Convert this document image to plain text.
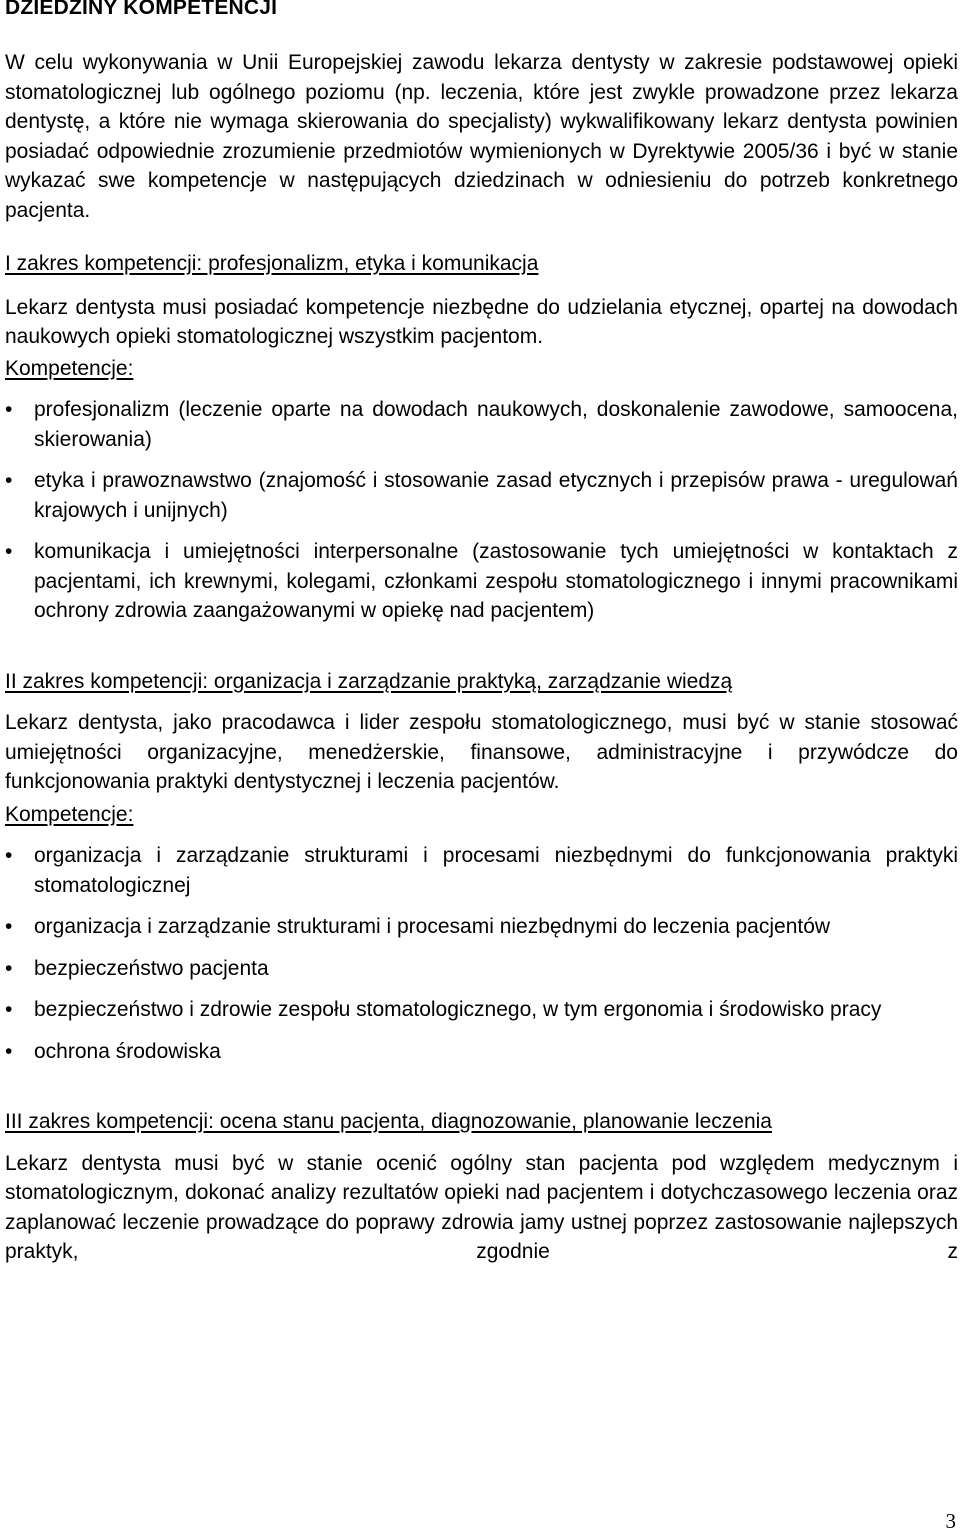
DZIEDZINY KOMPETENCJI

W celu wykonywania w Unii Europejskiej zawodu lekarza dentysty w zakresie podstawowej opieki stomatologicznej lub ogólnego poziomu (np. leczenia, które jest zwykle prowadzone przez lekarza dentystę, a które nie wymaga skierowania do specjalisty) wykwalifikowany lekarz dentysta powinien posiadać odpowiednie zrozumienie przedmiotów wymienionych w Dyrektywie 2005/36 i być w stanie wykazać swe kompetencje w następujących dziedzinach w odniesieniu do potrzeb konkretnego pacjenta.

I zakres kompetencji: profesjonalizm, etyka i komunikacja

Lekarz dentysta musi posiadać kompetencje niezbędne do udzielania etycznej, opartej na dowodach naukowych opieki stomatologicznej wszystkim pacjentom.

Kompetencje:
•	profesjonalizm (leczenie oparte na dowodach naukowych, doskonalenie zawodowe, samoocena, skierowania)
•	etyka i prawoznawstwo (znajomość i stosowanie zasad etycznych i przepisów prawa - uregulowań krajowych i unijnych)
•	komunikacja i umiejętności interpersonalne (zastosowanie tych umiejętności w kontaktach z pacjentami, ich krewnymi, kolegami, członkami zespołu stomatologicznego i innymi pracownikami ochrony zdrowia zaangażowanymi w opiekę nad pacjentem)
II zakres kompetencji: organizacja i zarządzanie praktyką, zarządzanie wiedzą

Lekarz dentysta, jako pracodawca i lider zespołu stomatologicznego, musi być w stanie stosować umiejętności organizacyjne, menedżerskie, finansowe, administracyjne i przywódcze do funkcjonowania praktyki dentystycznej i leczenia pacjentów.

Kompetencje:
•	organizacja i zarządzanie strukturami i procesami niezbędnymi do funkcjonowania praktyki stomatologicznej
•	organizacja i zarządzanie strukturami i procesami niezbędnymi do leczenia pacjentów
•	bezpieczeństwo pacjenta
•	bezpieczeństwo i zdrowie zespołu stomatologicznego, w tym ergonomia i środowisko pracy
•	ochrona środowiska
III zakres kompetencji: ocena stanu pacjenta, diagnozowanie, planowanie leczenia

Lekarz dentysta musi być w stanie ocenić ogólny stan pacjenta pod względem medycznym i stomatologicznym, dokonać analizy rezultatów opieki nad pacjentem i dotychczasowego leczenia oraz zaplanować leczenie prowadzące do poprawy zdrowia jamy ustnej poprzez zastosowanie najlepszych praktyk, zgodnie z

3
